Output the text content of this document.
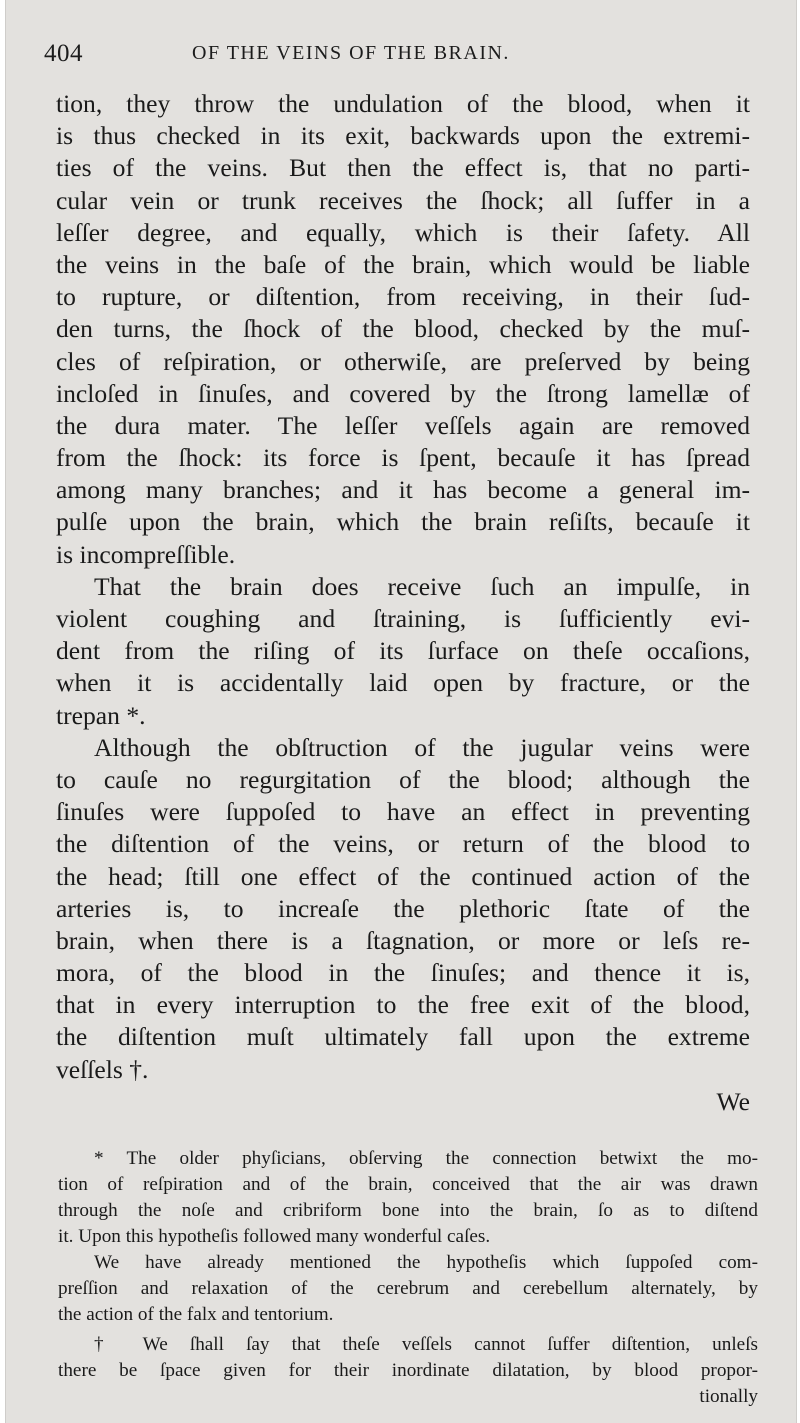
404	OF THE VEINS OF THE BRAIN.
tion, they throw the undulation of the blood, when it
is thus checked in its exit, backwards upon the extremi-
ties of the veins. But then the effect is, that no parti-
cular vein or trunk receives the ſhock; all ſuffer in a
leſſer degree, and equally, which is their ſafety. All
the veins in the baſe of the brain, which would be liable
to rupture, or diſtention, from receiving, in their ſud-
den turns, the ſhock of the blood, checked by the muſ-
cles of reſpiration, or otherwiſe, are preſerved by being
incloſed in ſinuſes, and covered by the ſtrong lamellæ of
the dura mater. The leſſer veſſels again are removed
from the ſhock: its force is ſpent, becauſe it has ſpread
among many branches; and it has become a general im-
pulſe upon the brain, which the brain reſiſts, becauſe it
is incompreſſible.
That the brain does receive ſuch an impulſe, in
violent coughing and ſtraining, is ſufficiently evi-
dent from the riſing of its ſurface on theſe occaſions,
when it is accidentally laid open by fracture, or the
trepan *.
Although the obſtruction of the jugular veins were
to cauſe no regurgitation of the blood; although the
ſinuſes were ſuppoſed to have an effect in preventing
the diſtention of the veins, or return of the blood to
the head; ſtill one effect of the continued action of the
arteries is, to increaſe the plethoric ſtate of the
brain, when there is a ſtagnation, or more or leſs re-
mora, of the blood in the ſinuſes; and thence it is,
that in every interruption to the free exit of the blood,
the diſtention muſt ultimately fall upon the extreme
veſſels †.
We
* The older phyſicians, obſerving the connection betwixt the mo-
tion of reſpiration and of the brain, conceived that the air was drawn
through the noſe and cribriform bone into the brain, ſo as to diſtend
it. Upon this hypotheſis followed many wonderful caſes.
We have already mentioned the hypotheſis which ſuppoſed com-
preſſion and relaxation of the cerebrum and cerebellum alternately, by
the action of the falx and tentorium.
† We ſhall ſay that theſe veſſels cannot ſuffer diſtention, unleſs
there be ſpace given for their inordinate dilatation, by blood propor-
tionally
